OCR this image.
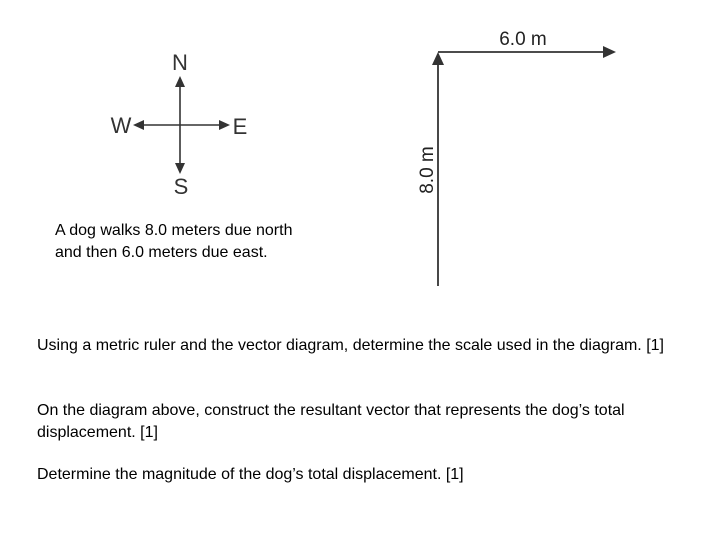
N
S
W	E
6.0 m
8.0 m
A dog walks 8.0 meters due north and then 6.0 meters due east.
Using a metric ruler and the vector diagram, determine the scale used in the diagram. [1]
On the diagram above, construct the resultant vector that represents the dog’s total displacement. [1]
Determine the magnitude of the dog’s total displacement. [1]
